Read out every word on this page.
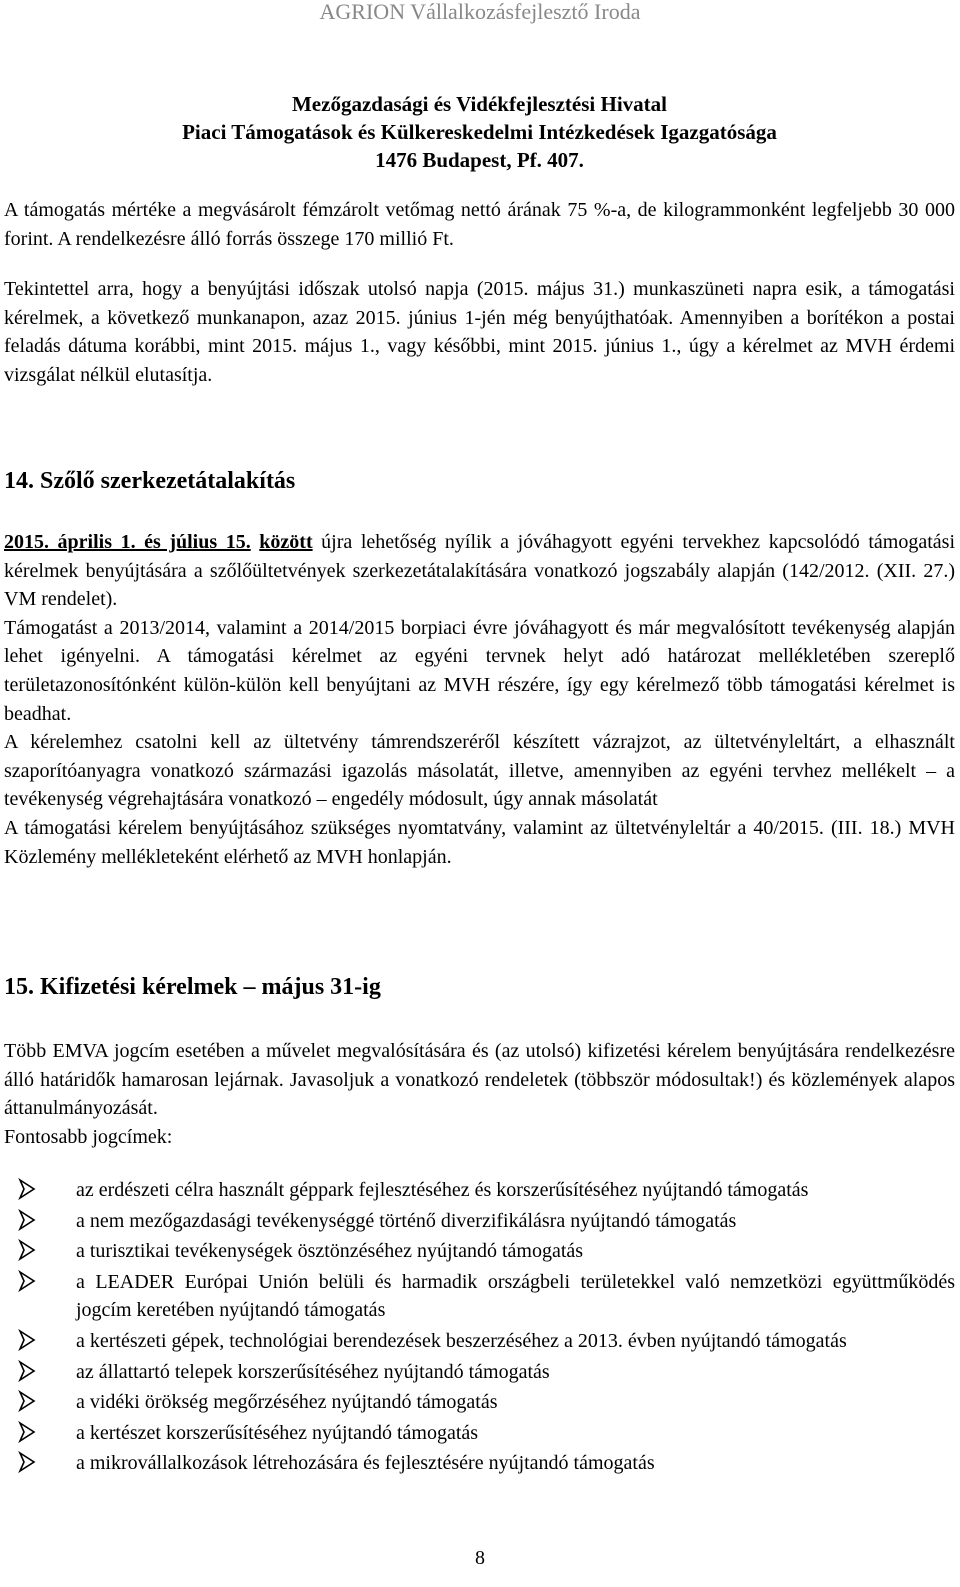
AGRION Vállalkozásfejlesztő Iroda
Mezőgazdasági és Vidékfejlesztési Hivatal
Piaci Támogatások és Külkereskedelmi Intézkedések Igazgatósága
1476 Budapest, Pf. 407.

A támogatás mértéke a megvásárolt fémzárolt vetőmag nettó árának 75 %-a, de kilogrammonként legfeljebb 30 000 forint. A rendelkezésre álló forrás összege 170 millió Ft.

Tekintettel arra, hogy a benyújtási időszak utolsó napja (2015. május 31.) munkaszüneti napra esik, a támogatási kérelmek, a következő munkanapon, azaz 2015. június 1-jén még benyújthatóak. Amennyiben a borítékon a postai feladás dátuma korábbi, mint 2015. május 1., vagy későbbi, mint 2015. június 1., úgy a kérelmet az MVH érdemi vizsgálat nélkül elutasítja.

14. Szőlő szerkezetátalakítás

2015. április 1. és július 15. között újra lehetőség nyílik a jóváhagyott egyéni tervekhez kapcsolódó támogatási kérelmek benyújtására a szőlőültetvények szerkezetátalakítására vonatkozó jogszabály alapján (142/2012. (XII. 27.) VM rendelet).

Támogatást a 2013/2014, valamint a 2014/2015 borpiaci évre jóváhagyott és már megvalósított tevékenység alapján lehet igényelni. A támogatási kérelmet az egyéni tervnek helyt adó határozat mellékletében szereplő területazonosítónként külön-külön kell benyújtani az MVH részére, így egy kérelmező több támogatási kérelmet is beadhat.

A kérelemhez csatolni kell az ültetvény támrendszeréről készített vázrajzot, az ültetvényleltárt, a elhasznált szaporítóanyagra vonatkozó származási igazolás másolatát, illetve, amennyiben az egyéni tervhez mellékelt – a tevékenység végrehajtására vonatkozó – engedély módosult, úgy annak másolatát

A támogatási kérelem benyújtásához szükséges nyomtatvány, valamint az ültetvényleltár a 40/2015. (III. 18.) MVH Közlemény mellékleteként elérhető az MVH honlapján.

15. Kifizetési kérelmek – május 31-ig

Több EMVA jogcím esetében a művelet megvalósítására és (az utolsó) kifizetési kérelem benyújtására rendelkezésre álló határidők hamarosan lejárnak. Javasoljuk a vonatkozó rendeletek (többször módosultak!) és közlemények alapos áttanulmányozását.

Fontosabb jogcímek:

az erdészeti célra használt géppark fejlesztéséhez és korszerűsítéséhez nyújtandó támogatás
a nem mezőgazdasági tevékenységgé történő diverzifikálásra nyújtandó támogatás
a turisztikai tevékenységek ösztönzéséhez nyújtandó támogatás
a LEADER Európai Unión belüli és harmadik országbeli területekkel való nemzetközi együttműködés jogcím keretében nyújtandó támogatás
a kertészeti gépek, technológiai berendezések beszerzéséhez a 2013. évben nyújtandó támogatás
az állattartó telepek korszerűsítéséhez nyújtandó támogatás
a vidéki örökség megőrzéséhez nyújtandó támogatás
a kertészet korszerűsítéséhez nyújtandó támogatás
a mikrovállalkozások létrehozására és fejlesztésére nyújtandó támogatás
8
